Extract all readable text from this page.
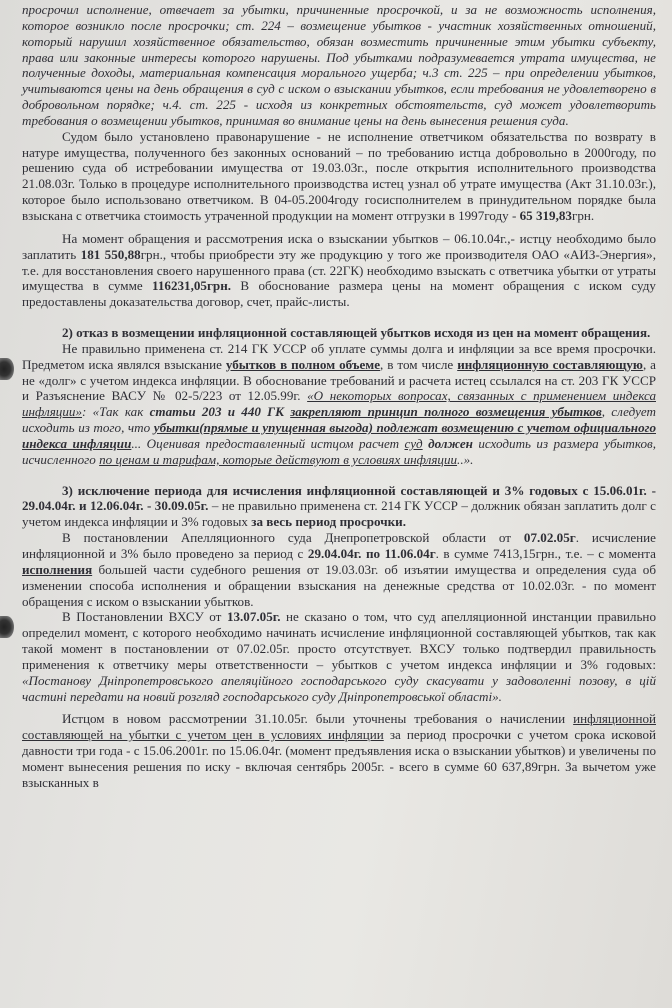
просрочил исполнение, отвечает за убытки, причиненные просрочкой, и за не возможность исполнения, которое возникло после просрочки; ст. 224 – возмещение убытков - участник хозяйственных отношений, который нарушил хозяйственное обязательство, обязан возместить причиненные этим убытки субъекту, права или законные интересы которого нарушены. Под убытками подразумевается утрата имущества, не полученные доходы, материальная компенсация морального ущерба; ч.3 ст. 225 – при определении убытков, учитываются цены на день обращения в суд с иском о взыскании убытков, если требования не удовлетворено в добровольном порядке; ч.4. ст. 225 - исходя из конкретных обстоятельств, суд может удовлетворить требования о возмещении убытков, принимая во внимание цены на день вынесения решения суда.

Судом было установлено правонарушение - не исполнение ответчиком обязательства по возврату в натуре имущества, полученного без законных оснований – по требованию истца добровольно в 2000году, по решению суда об истребовании имущества от 19.03.03г., после открытия исполнительного производства 21.08.03г. Только в процедуре исполнительного производства истец узнал об утрате имущества (Акт 31.10.03г.), которое было использовано ответчиком. В 04-05.2004году госисполнителем в принудительном порядке была взыскана с ответчика стоимость утраченной продукции на момент отгрузки в 1997году - 65 319,83грн.

На момент обращения и рассмотрения иска о взыскании убытков – 06.10.04г.,- истцу необходимо было заплатить 181 550,88грн., чтобы приобрести эту же продукцию у того же производителя ОАО «АИЗ-Энергия», т.е. для восстановления своего нарушенного права (ст. 22ГК) необходимо взыскать с ответчика убытки от утраты имущества в сумме 116231,05грн. В обоснование размера цены на момент обращения с иском суду предоставлены доказательства договор, счет, прайс-листы.

2) отказ в возмещении инфляционной составляющей убытков исходя из цен на момент обращения.

Не правильно применена ст. 214 ГК УССР об уплате суммы долга и инфляции за все время просрочки. Предметом иска являлся взыскание убытков в полном объеме, в том числе инфляционную составляющую, а не «долг» с учетом индекса инфляции. В обоснование требований и расчета истец ссылался на ст. 203 ГК УССР и Разъяснение ВАСУ № 02-5/223 от 12.05.99г. «О некоторых вопросах, связанных с применением индекса инфляции»: «Так как статьи 203 и 440 ГК закрепляют принцип полного возмещения убытков, следует исходить из того, что убытки(прямые и упущенная выгода) подлежат возмещению с учетом официального индекса инфляции... Оценивая предоставленный истцом расчет суд должен исходить из размера убытков, исчисленного по ценам и тарифам, которые действуют в условиях инфляции..».

3) исключение периода для исчисления инфляционной составляющей и 3% годовых с 15.06.01г. - 29.04.04г. и 12.06.04г. - 30.09.05г. – не правильно применена ст. 214 ГК УССР – должник обязан заплатить долг с учетом индекса инфляции и 3% годовых за весь период просрочки.

В постановлении Апелляционного суда Днепропетровской области от 07.02.05г. исчисление инфляционной и 3% было проведено за период с 29.04.04г. по 11.06.04г. в сумме 7413,15грн., т.е. – с момента исполнения большей части судебного решения от 19.03.03г. об изъятии имущества и определения суда об изменении способа исполнения и обращении взыскания на денежные средства от 10.02.03г. - по момент обращения с иском о взыскании убытков.

В Постановлении ВХСУ от 13.07.05г. не сказано о том, что суд апелляционной инстанции правильно определил момент, с которого необходимо начинать исчисление инфляционной составляющей убытков, так как такой момент в постановлении от 07.02.05г. просто отсутствует. ВХСУ только подтвердил правильность применения к ответчику меры ответственности – убытков с учетом индекса инфляции и 3% годовых: «Постанову Дніпропетровського апеляційного господарського суду скасувати у задоволенні позову, в цій частині передати на новий розгляд господарського суду Дніпропетровської області».

Истцом в новом рассмотрении 31.10.05г. были уточнены требования о начислении инфляционной составляющей на убытки с учетом цен в условиях инфляции за период просрочки с учетом срока исковой давности три года - с 15.06.2001г. по 15.06.04г. (момент предъявления иска о взыскании убытков) и увеличены по момент вынесения решения по иску - включая сентябрь 2005г. - всего в сумме 60 637,89грн. За вычетом уже взысканных в
